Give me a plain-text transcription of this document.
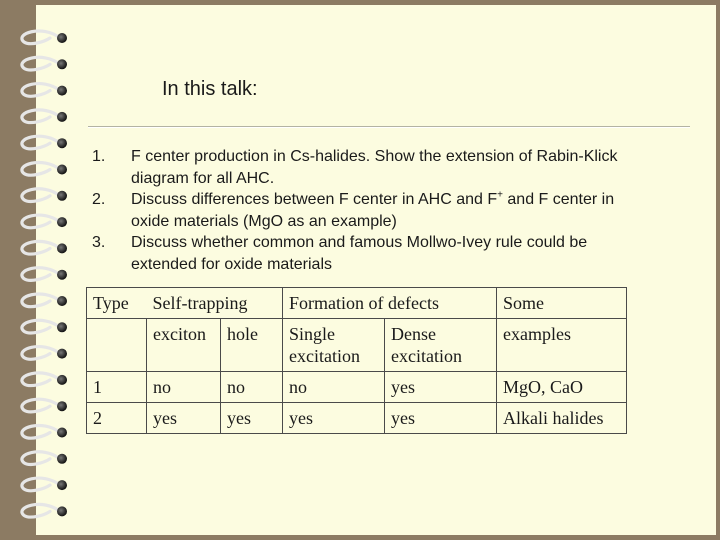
In this talk:
1.	F center production in Cs-halides. Show the extension of Rabin-Klick diagram for all AHC.
2.	Discuss differences between F center in AHC and F+ and F center in oxide materials (MgO as an example)
3.	Discuss whether common and famous Mollwo-Ivey rule could be extended for oxide materials
Type	Self-trapping		Formation of defects		Some
	exciton	hole	Single excitation	Dense excitation	examples
1	no	no	no	yes	MgO, CaO
2	yes	yes	yes	yes	Alkali halides
